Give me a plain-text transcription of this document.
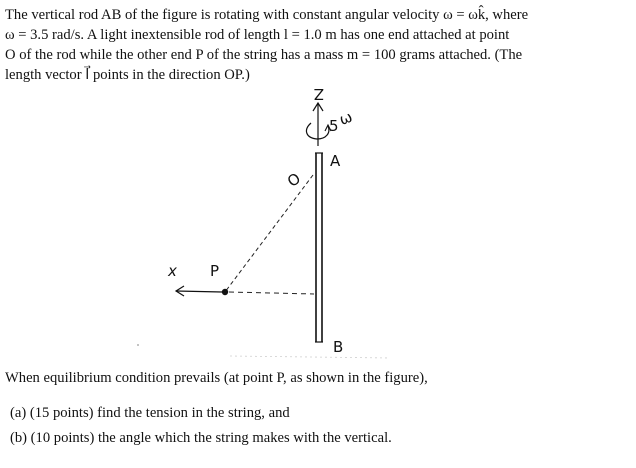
The vertical rod AB of the figure is rotating with constant angular velocity ω = ωk̂, where
ω = 3.5 rad/s. A light inextensible rod of length l = 1.0 m has one end attached at point
O of the rod while the other end P of the string has a mass m = 100 grams attached. (The
length vector l⃗ points in the direction OP.)

Z
ω
5
A
B
O
P
x
When equilibrium condition prevails (at point P, as shown in the figure),
(a) (15 points) find the tension in the string, and
(b) (10 points) the angle which the string makes with the vertical.
